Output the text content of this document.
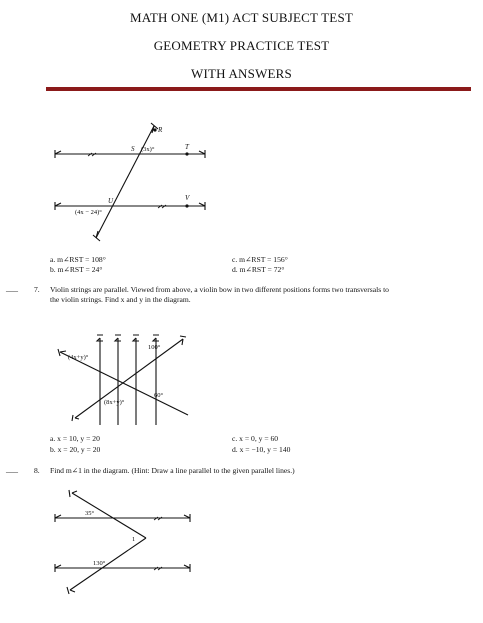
MATH ONE (M1) ACT SUBJECT TEST
GEOMETRY PRACTICE TEST
WITH ANSWERS
R
S	T
U	V
(3x)°
(4x − 24)°
a. m∠RST = 108°
b. m∠RST = 24°
c. m∠RST = 156°
d. m∠RST = 72°
___ 7. Violin strings are parallel. Viewed from above, a violin bow in two different positions forms two transversals to
the violin strings. Find x and y in the diagram.
(4x+y)°
100°
(8x+y)°
60°
a. x = 10, y = 20
b. x = 20, y = 20
c. x = 0, y = 60
d. x = −10, y = 140
___ 8. Find m∠1 in the diagram. (Hint: Draw a line parallel to the given parallel lines.)
35°
1
130°
